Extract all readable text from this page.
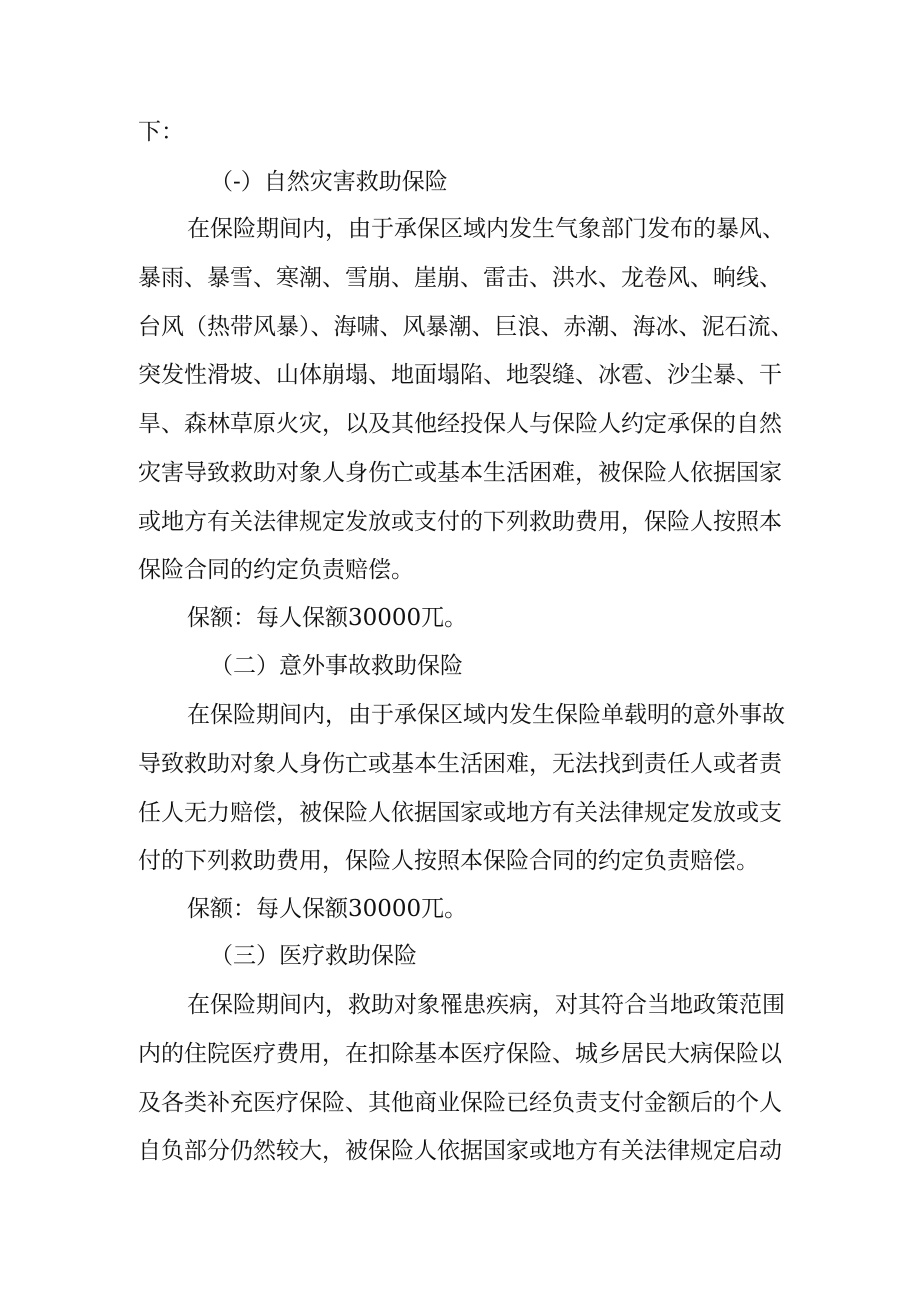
下：
（-）自然灾害救助保险
在保险期间内，由于承保区域内发生气象部门发布的暴风、
暴雨、暴雪、寒潮、雪崩、崖崩、雷击、洪水、龙卷风、晌线、
台风（热带风暴）、海啸、风暴潮、巨浪、赤潮、海冰、泥石流、
突发性滑坡、山体崩塌、地面塌陷、地裂缝、冰雹、沙尘暴、干
旱、森林草原火灾，以及其他经投保人与保险人约定承保的自然
灾害导致救助对象人身伤亡或基本生活困难，被保险人依据国家
或地方有关法律规定发放或支付的下列救助费用，保险人按照本
保险合同的约定负责赔偿。
保额：每人保额30000兀。
（二）意外事故救助保险
在保险期间内，由于承保区域内发生保险单载明的意外事故
导致救助对象人身伤亡或基本生活困难，无法找到责任人或者责
任人无力赔偿，被保险人依据国家或地方有关法律规定发放或支
付的下列救助费用，保险人按照本保险合同的约定负责赔偿。
保额：每人保额30000兀。
（三）医疗救助保险
在保险期间内，救助对象罹患疾病，对其符合当地政策范围
内的住院医疗费用，在扣除基本医疗保险、城乡居民大病保险以
及各类补充医疗保险、其他商业保险已经负责支付金额后的个人
自负部分仍然较大，被保险人依据国家或地方有关法律规定启动
